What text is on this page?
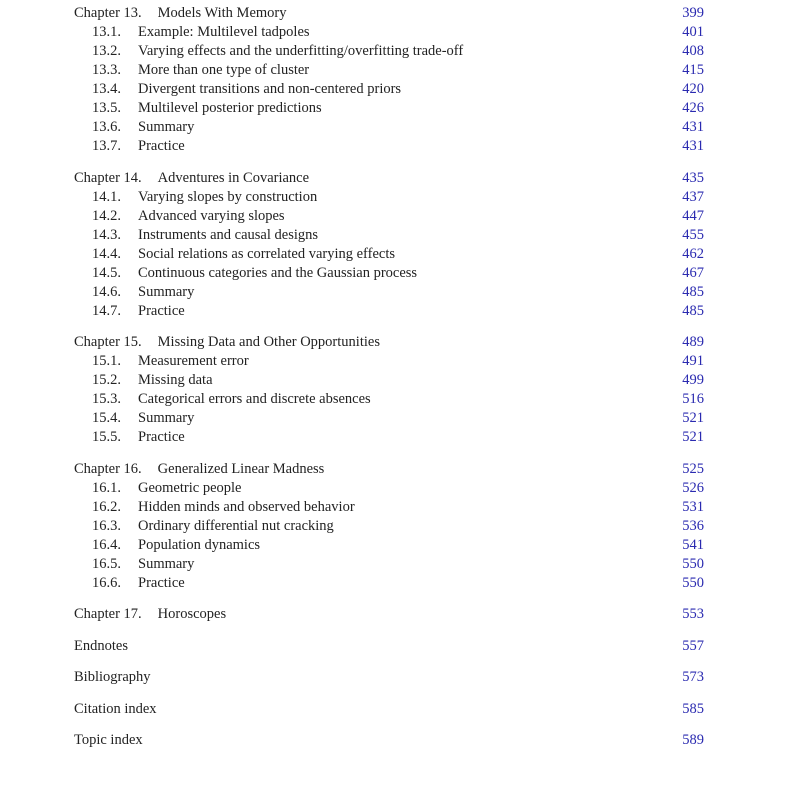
Chapter 13. Models With Memory	399
13.1.	Example: Multilevel tadpoles	401
13.2.	Varying effects and the underfitting/overfitting trade-off	408
13.3.	More than one type of cluster	415
13.4.	Divergent transitions and non-centered priors	420
13.5.	Multilevel posterior predictions	426
13.6.	Summary	431
13.7.	Practice	431
Chapter 14. Adventures in Covariance	435
14.1.	Varying slopes by construction	437
14.2.	Advanced varying slopes	447
14.3.	Instruments and causal designs	455
14.4.	Social relations as correlated varying effects	462
14.5.	Continuous categories and the Gaussian process	467
14.6.	Summary	485
14.7.	Practice	485
Chapter 15. Missing Data and Other Opportunities	489
15.1.	Measurement error	491
15.2.	Missing data	499
15.3.	Categorical errors and discrete absences	516
15.4.	Summary	521
15.5.	Practice	521
Chapter 16. Generalized Linear Madness	525
16.1.	Geometric people	526
16.2.	Hidden minds and observed behavior	531
16.3.	Ordinary differential nut cracking	536
16.4.	Population dynamics	541
16.5.	Summary	550
16.6.	Practice	550
Chapter 17. Horoscopes	553
Endnotes	557
Bibliography	573
Citation index	585
Topic index	589
